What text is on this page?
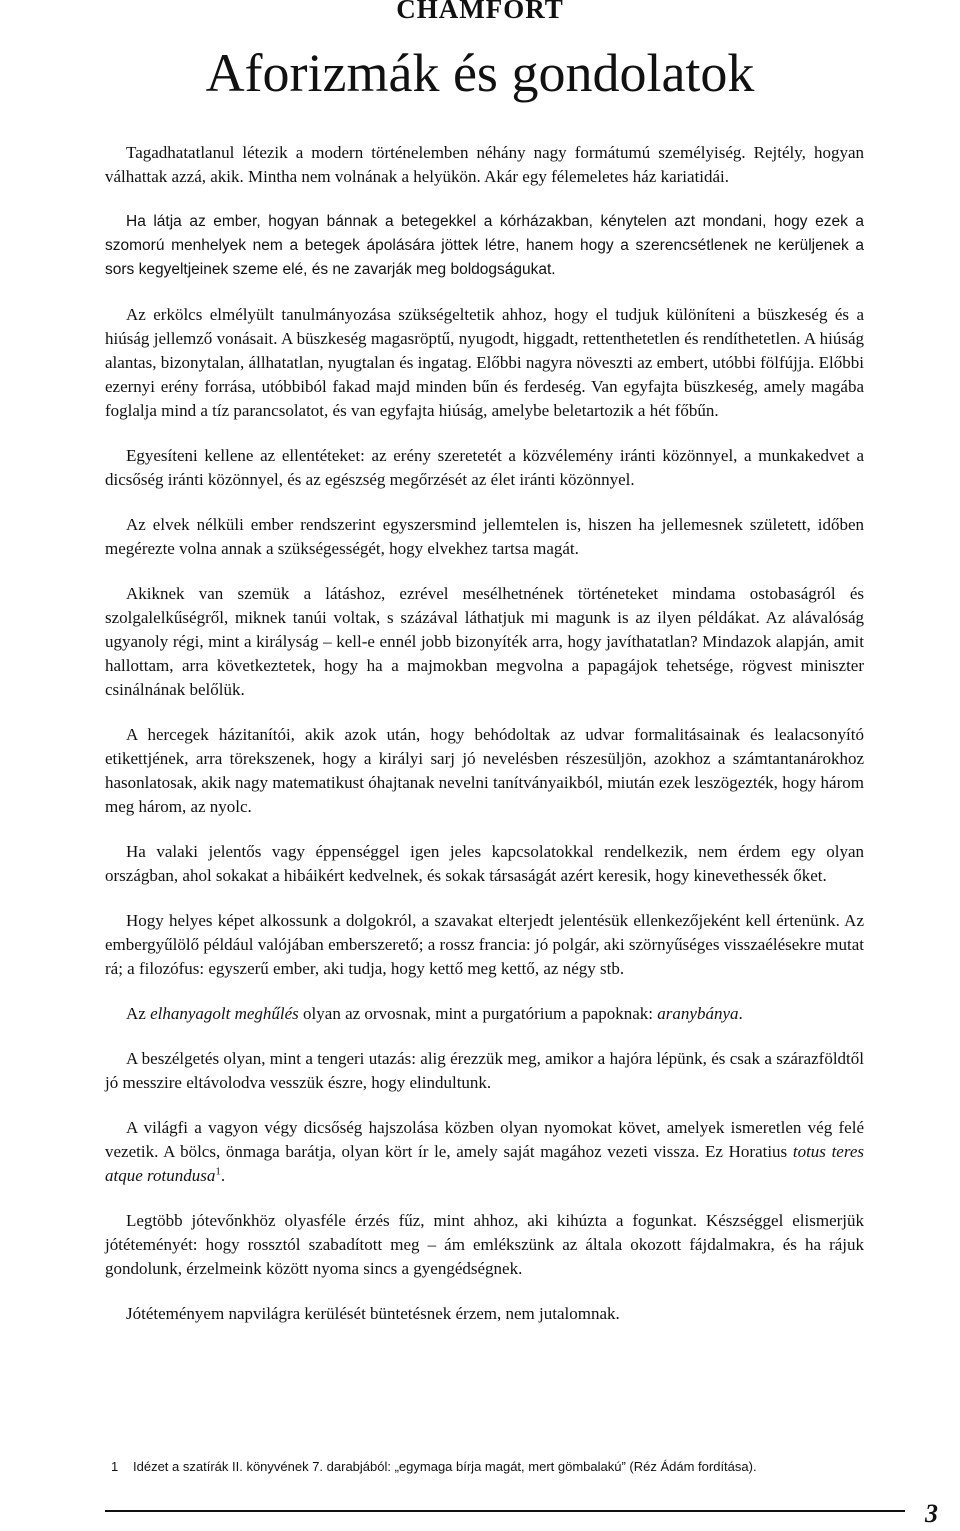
CHAMFORT
Aforizmák és gondolatok

Tagadhatatlanul létezik a modern történelemben néhány nagy formátumú személyiség. Rejtély, hogyan válhattak azzá, akik. Mintha nem volnának a helyükön. Akár egy félemeletes ház kariatidái.

Ha látja az ember, hogyan bánnak a betegekkel a kórházakban, kénytelen azt mondani, hogy ezek a szomorú menhelyek nem a betegek ápolására jöttek létre, hanem hogy a szerencsétlenek ne kerüljenek a sors kegyeltjeinek szeme elé, és ne zavarják meg boldogságukat.

Az erkölcs elmélyült tanulmányozása szükségeltetik ahhoz, hogy el tudjuk különíteni a büszkeség és a hiúság jellemző vonásait. A büszkeség magasröptű, nyugodt, higgadt, rettenthetetlen és rendíthetetlen. A hiúság alantas, bizonytalan, állhatatlan, nyugtalan és ingatag. Előbbi nagyra növeszti az embert, utóbbi fölfújja. Előbbi ezernyi erény forrása, utóbbiból fakad majd minden bűn és ferdeség. Van egyfajta büszkeség, amely magába foglalja mind a tíz parancsolatot, és van egyfajta hiúság, amelybe beletartozik a hét főbűn.

Egyesíteni kellene az ellentéteket: az erény szeretetét a közvélemény iránti közönnyel, a munkakedvet a dicsőség iránti közönnyel, és az egészség megőrzését az élet iránti közönnyel.

Az elvek nélküli ember rendszerint egyszersmind jellemtelen is, hiszen ha jellemesnek született, időben megérezte volna annak a szükségességét, hogy elvekhez tartsa magát.

Akiknek van szemük a látáshoz, ezrével mesélhetnének történeteket mindama ostobaságról és szolgalelkűségről, miknek tanúi voltak, s százával láthatjuk mi magunk is az ilyen példákat. Az alávalóság ugyanoly régi, mint a királyság – kell-e ennél jobb bizonyíték arra, hogy javíthatatlan? Mindazok alapján, amit hallottam, arra következtetek, hogy ha a majmokban megvolna a papagájok tehetsége, rögvest miniszter csinálnának belőlük.

A hercegek házitanítói, akik azok után, hogy behódoltak az udvar formalitásainak és lealacsonyító etikettjének, arra törekszenek, hogy a királyi sarj jó nevelésben részesüljön, azokhoz a számtantanárokhoz hasonlatosak, akik nagy matematikust óhajtanak nevelni tanítványaikból, miután ezek leszögezték, hogy három meg három, az nyolc.

Ha valaki jelentős vagy éppenséggel igen jeles kapcsolatokkal rendelkezik, nem érdem egy olyan országban, ahol sokakat a hibáikért kedvelnek, és sokak társaságát azért keresik, hogy kinevethessék őket.

Hogy helyes képet alkossunk a dolgokról, a szavakat elterjedt jelentésük ellenkezőjeként kell értenünk. Az embergyűlölő például valójában emberszerető; a rossz francia: jó polgár, aki szörnyűséges visszaélésekre mutat rá; a filozófus: egyszerű ember, aki tudja, hogy kettő meg kettő, az négy stb.

Az elhanyagolt meghűlés olyan az orvosnak, mint a purgatórium a papoknak: aranybánya.

A beszélgetés olyan, mint a tengeri utazás: alig érezzük meg, amikor a hajóra lépünk, és csak a szárazföldtől jó messzire eltávolodva vesszük észre, hogy elindultunk.

A világfi a vagyon végy dicsőség hajszolása közben olyan nyomokat követ, amelyek ismeretlen vég felé vezetik. A bölcs, önmaga barátja, olyan kört ír le, amely saját magához vezeti vissza. Ez Horatius totus teres atque rotundusa$^1$.

Legtöbb jótevőnkhöz olyasféle érzés fűz, mint ahhoz, aki kihúzta a fogunkat. Készséggel elismerjük jótéteményét: hogy rossztól szabadított meg – ám emlékszünk az általa okozott fájdalmakra, és ha rájuk gondolunk, érzelmeink között nyoma sincs a gyengédségnek.

Jótéteményem napvilágra kerülését büntetésnek érzem, nem jutalomnak.

1 Idézet a szatírák II. könyvének 7. darabjából: „egymaga bírja magát, mert gömbalakú” (Réz Ádám fordítása).
3
